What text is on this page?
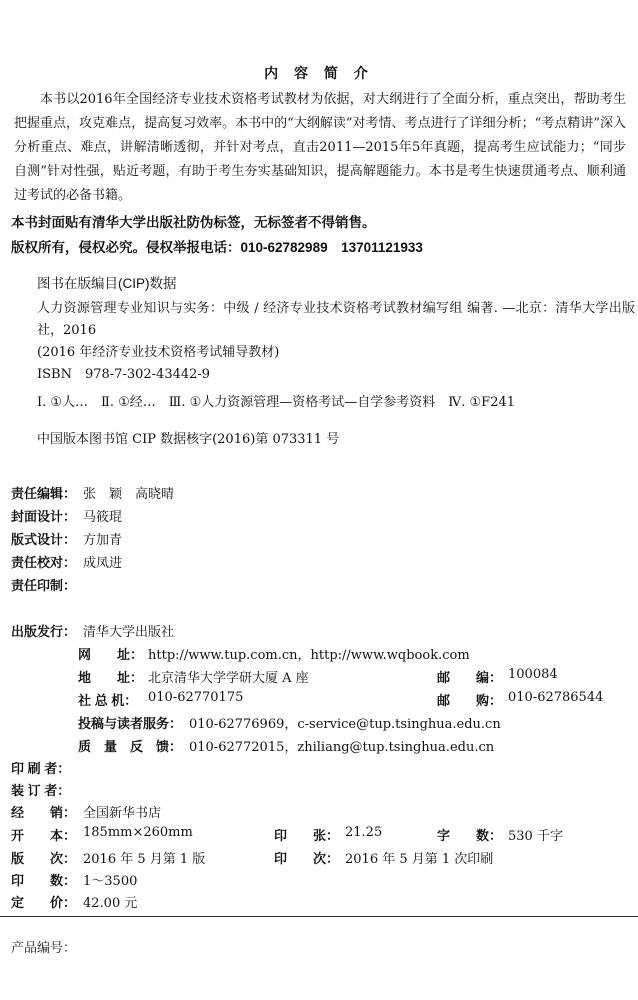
内 容 简 介

本书以2016年全国经济专业技术资格考试教材为依据，对大纲进行了全面分析，重点突出，帮助考生把握重点，攻克难点，提高复习效率。本书中的“大纲解读”对考情、考点进行了详细分析；“考点精讲”深入分析重点、难点，讲解清晰透彻，并针对考点，直击2011—2015年5年真题，提高考生应试能力；“同步自测”针对性强，贴近考题，有助于考生夯实基础知识，提高解题能力。本书是考生快速贯通考点、顺利通过考试的必备书籍。

本书封面贴有清华大学出版社防伪标签，无标签者不得销售。
版权所有，侵权必究。侵权举报电话：010-62782989　13701121933
图书在版编目(CIP)数据
人力资源管理专业知识与实务：中级 / 经济专业技术资格考试教材编写组 编著. —北京：清华大学出版社，2016
(2016 年经济专业技术资格考试辅导教材)
ISBN　978-7-302-43442-9
Ⅰ. ①人…　Ⅱ. ①经…　Ⅲ. ①人力资源管理—资格考试—自学参考资料　Ⅳ. ①F241
中国版本图书馆 CIP 数据核字(2016)第 073311 号
责任编辑： 张　颖　高晓晴
封面设计： 马筱琨
版式设计： 方加青
责任校对： 成凤进
责任印制：
出版发行： 清华大学出版社
网　　址： http://www.tup.com.cn，http://www.wqbook.com
地　　址： 北京清华大学学研大厦 A 座	邮　　编： 100084
社 总 机： 010-62770175	邮　　购： 010-62786544
投稿与读者服务： 010-62776969，c-service@tup.tsinghua.edu.cn
质　量　反　馈： 010-62772015，zhiliang@tup.tsinghua.edu.cn
印 刷 者：
装 订 者：
经　　销： 全国新华书店
开　　本： 185mm×260mm	印　　张： 21.25	字　　数： 530 千字
版　　次： 2016 年 5 月第 1 版	印　　次： 2016 年 5 月第 1 次印刷
印　　数： 1～3500
定　　价： 42.00 元
产品编号：
